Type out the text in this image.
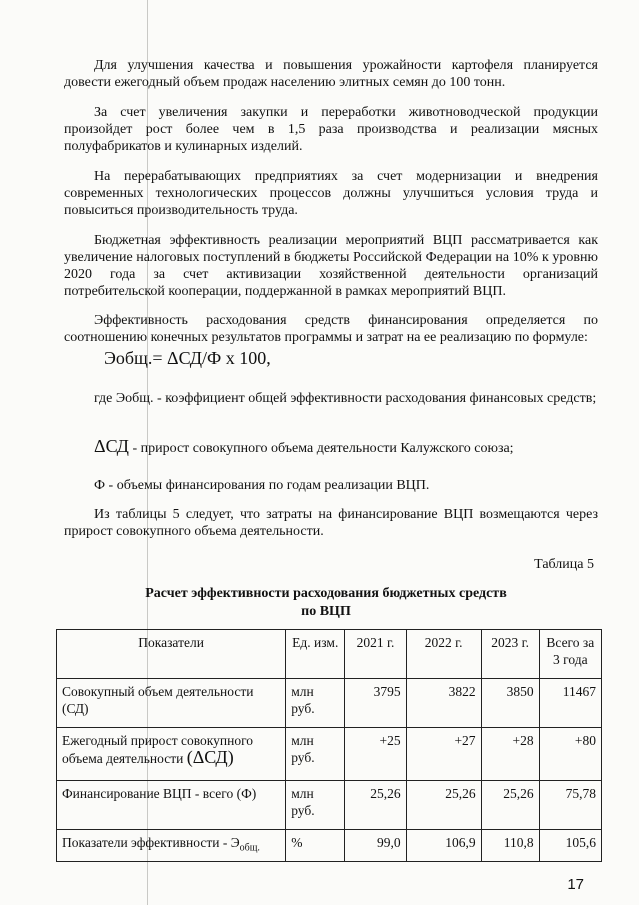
Для улучшения качества и повышения урожайности картофеля планируется довести ежегодный объем продаж населению элитных семян до 100 тонн.

За счет увеличения закупки и переработки животноводческой продукции произойдет рост более чем в 1,5 раза производства и реализации мясных полуфабрикатов и кулинарных изделий.

На перерабатывающих предприятиях за счет модернизации и внедрения современных технологических процессов должны улучшиться условия труда и повыситься производительность труда.

Бюджетная эффективность реализации мероприятий ВЦП рассматривается как увеличение налоговых поступлений в бюджеты Российской Федерации на 10% к уровню 2020 года за счет активизации хозяйственной деятельности организаций потребительской кооперации, поддержанной в рамках мероприятий ВЦП.

Эффективность расходования средств финансирования определяется по соотношению конечных результатов программы и затрат на ее реализацию по формуле:

Эобщ.= ΔСД/Ф х 100,

где Эобщ. - коэффициент общей эффективности расходования финансовых средств;

ΔСД - прирост совокупного объема деятельности Калужского союза;

Ф - объемы финансирования по годам реализации ВЦП.

Из таблицы 5 следует, что затраты на финансирование ВЦП возмещаются через прирост совокупного объема деятельности.

Таблица 5
Расчет эффективности расходования бюджетных средств
по ВЦП
Показатели	Ед. изм.	2021 г.	2022 г.	2023 г.	Всего за 3 года
Совокупный объем деятельности (СД)	млн руб.	3795	3822	3850	11467
Ежегодный прирост совокупного объема деятельности (ΔСД)	млн руб.	+25	+27	+28	+80
Финансирование ВЦП - всего (Ф)	млн руб.	25,26	25,26	25,26	75,78
Показатели эффективности - $Э_{общ.}$	%	99,0	106,9	110,8	105,6
17
